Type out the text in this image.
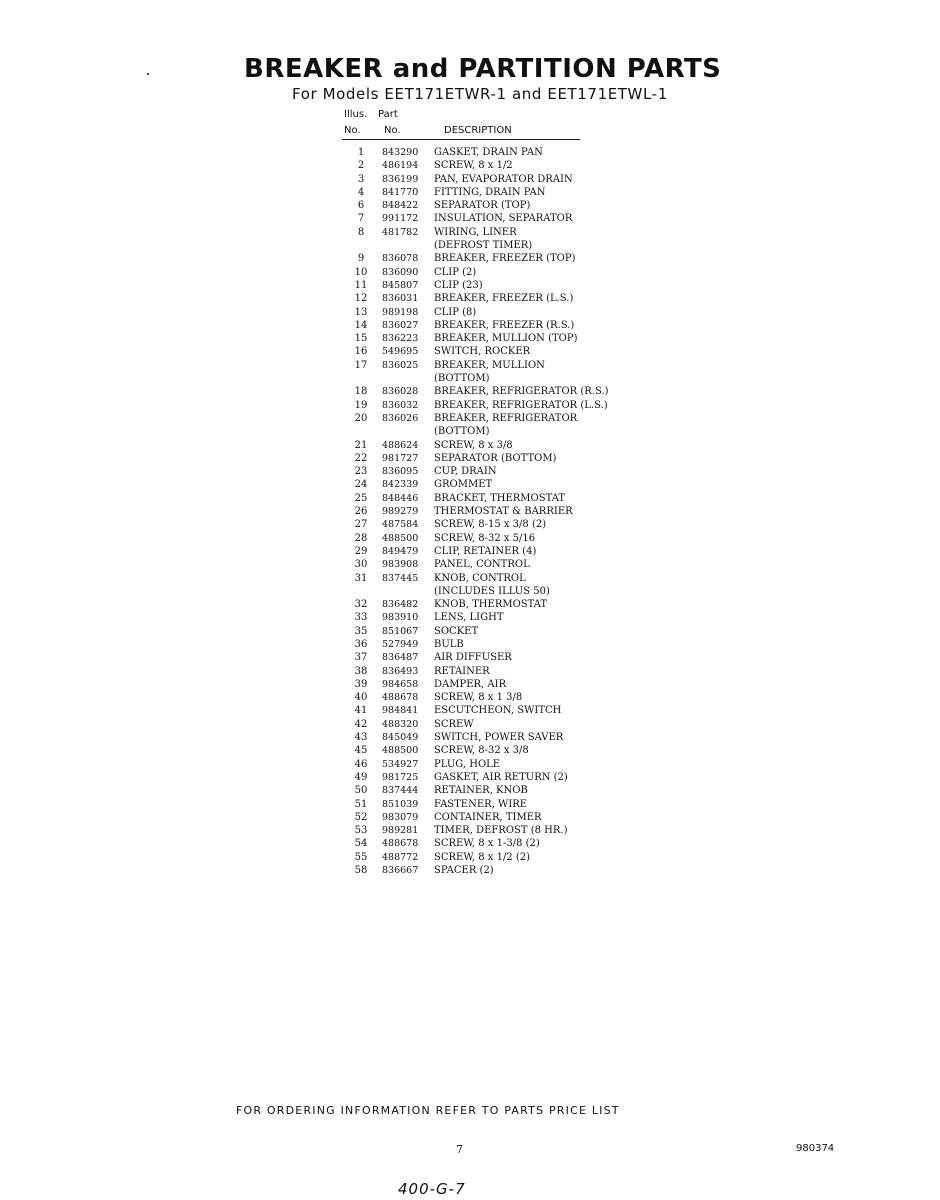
BREAKER and PARTITION PARTS
For Models EET171ETWR-1 and EET171ETWL-1
Illus. Part
No. No.	DESCRIPTION
1	843290 GASKET, DRAIN PAN
2	486194 SCREW, 8 x 1/2
3	836199 PAN, EVAPORATOR DRAIN
4	841770 FITTING, DRAIN PAN
6	848422 SEPARATOR (TOP)
7	991172 INSULATION, SEPARATOR
8	481782 WIRING, LINER
(DEFROST TIMER)
9	836078 BREAKER, FREEZER (TOP)
10	836090 CLIP (2)
11	845807 CLIP (23)
12	836031 BREAKER, FREEZER (L.S.)
13	989198 CLIP (8)
14	836027 BREAKER, FREEZER (R.S.)
15	836223 BREAKER, MULLION (TOP)
16	549695 SWITCH, ROCKER
17	836025 BREAKER, MULLION
(BOTTOM)
18	836028 BREAKER, REFRIGERATOR (R.S.)
19	836032 BREAKER, REFRIGERATOR (L.S.)
20	836026 BREAKER, REFRIGERATOR
(BOTTOM)
21	488624 SCREW, 8 x 3/8
22	981727 SEPARATOR (BOTTOM)
23	836095 CUP, DRAIN
24	842339 GROMMET
25	848446 BRACKET, THERMOSTAT
26	989279 THERMOSTAT & BARRIER
27	487584 SCREW, 8-15 x 3/8 (2)
28	488500 SCREW, 8-32 x 5/16
29	849479 CLIP, RETAINER (4)
30	983908 PANEL, CONTROL
31	837445 KNOB, CONTROL
(INCLUDES ILLUS 50)
32	836482 KNOB, THERMOSTAT
33	983910 LENS, LIGHT
35	851067 SOCKET
36	527949 BULB
37	836487 AIR DIFFUSER
38	836493 RETAINER
39	984658 DAMPER, AIR
40	488678 SCREW, 8 x 1 3/8
41	984841 ESCUTCHEON, SWITCH
42	488320 SCREW
43	845049 SWITCH, POWER SAVER
45	488500 SCREW, 8-32 x 3/8
46	534927 PLUG, HOLE
49	981725 GASKET, AIR RETURN (2)
50	837444 RETAINER, KNOB
51	851039 FASTENER, WIRE
52	983079 CONTAINER, TIMER
53	989281 TIMER, DEFROST (8 HR.)
54	488678 SCREW, 8 x 1-3/8 (2)
55	488772 SCREW, 8 x 1/2 (2)
58	836667 SPACER (2)
FOR ORDERING INFORMATION REFER TO PARTS PRICE LIST
7	980374
400-G-7
